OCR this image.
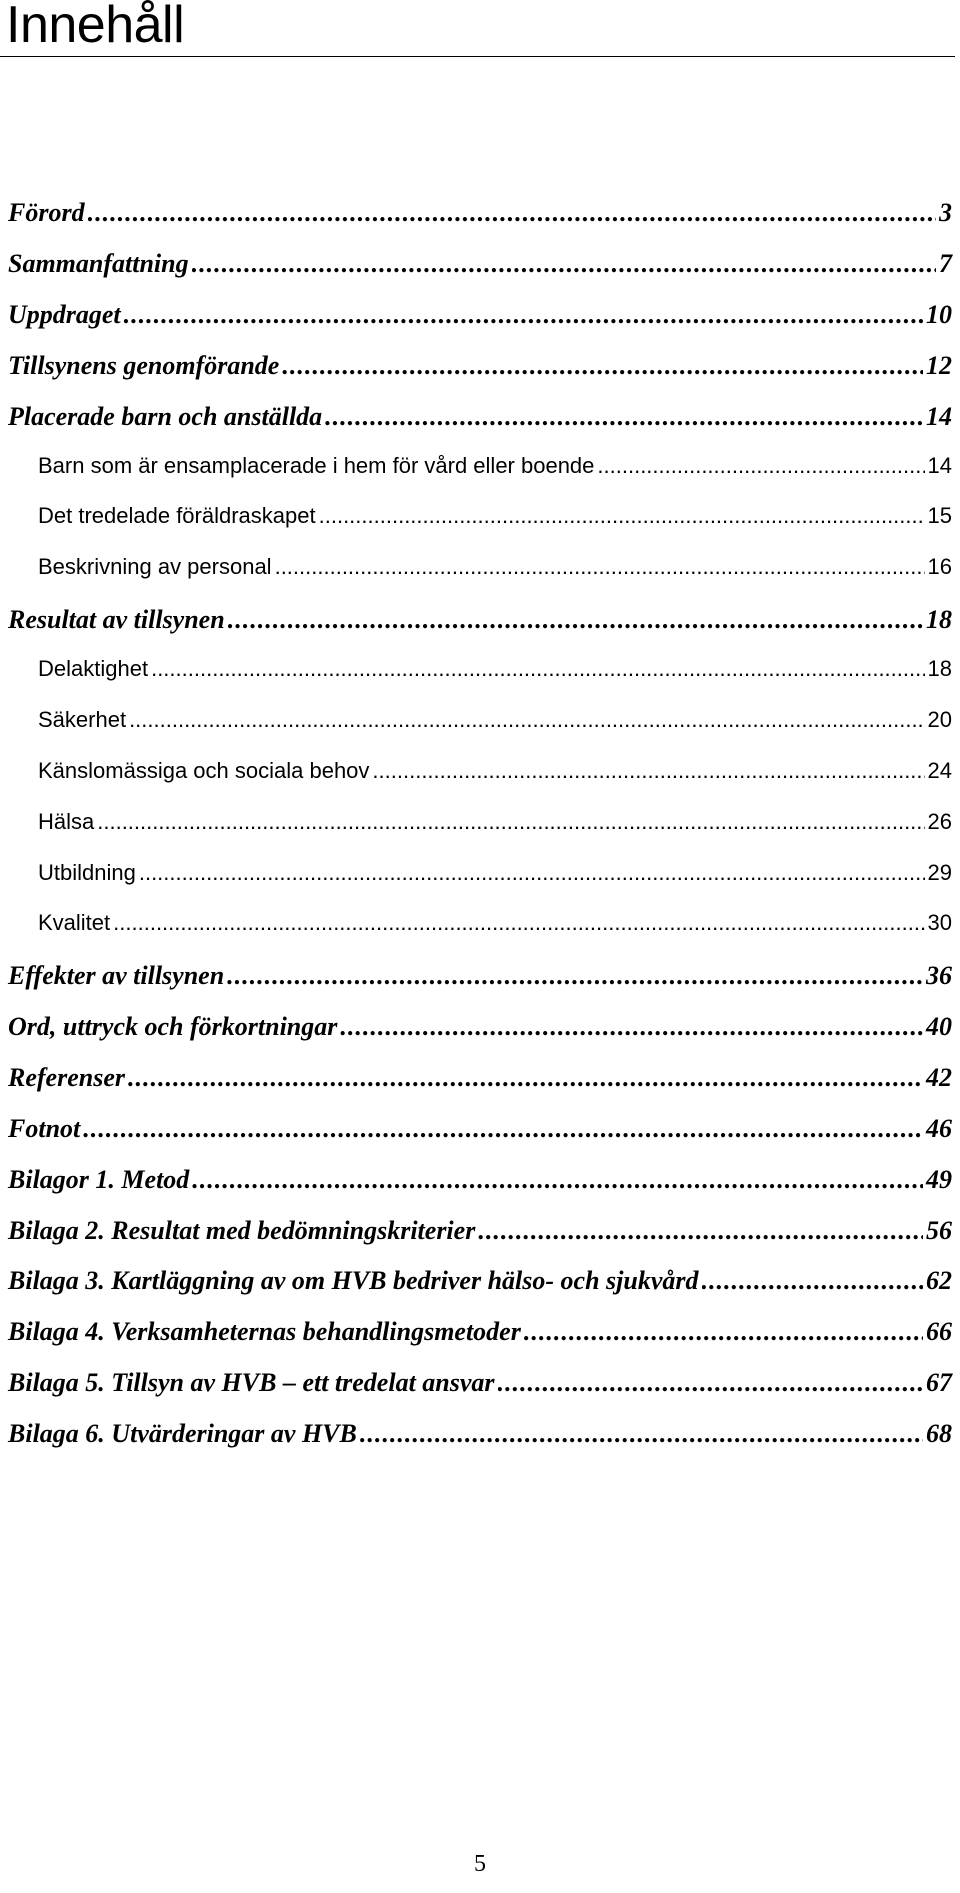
Innehåll
Förord .....	3
Sammanfattning .....	7
Uppdraget .....	10
Tillsynens genomförande .....	12
Placerade barn och anställda .....	14
Barn som är ensamplacerade i hem för vård eller boende .....	14
Det tredelade föräldraskapet .....	15
Beskrivning av personal .....	16
Resultat av tillsynen .....	18
Delaktighet .....	18
Säkerhet .....	20
Känslomässiga och sociala behov .....	24
Hälsa .....	26
Utbildning .....	29
Kvalitet .....	30
Effekter av tillsynen .....	36
Ord, uttryck och förkortningar .....	40
Referenser .....	42
Fotnot .....	46
Bilagor 1. Metod .....	49
Bilaga 2. Resultat med bedömningskriterier .....	56
Bilaga 3. Kartläggning av om HVB bedriver hälso- och sjukvård .....	62
Bilaga 4. Verksamheternas behandlingsmetoder .....	66
Bilaga 5. Tillsyn av HVB – ett tredelat ansvar .....	67
Bilaga 6. Utvärderingar av HVB .....	68
5
